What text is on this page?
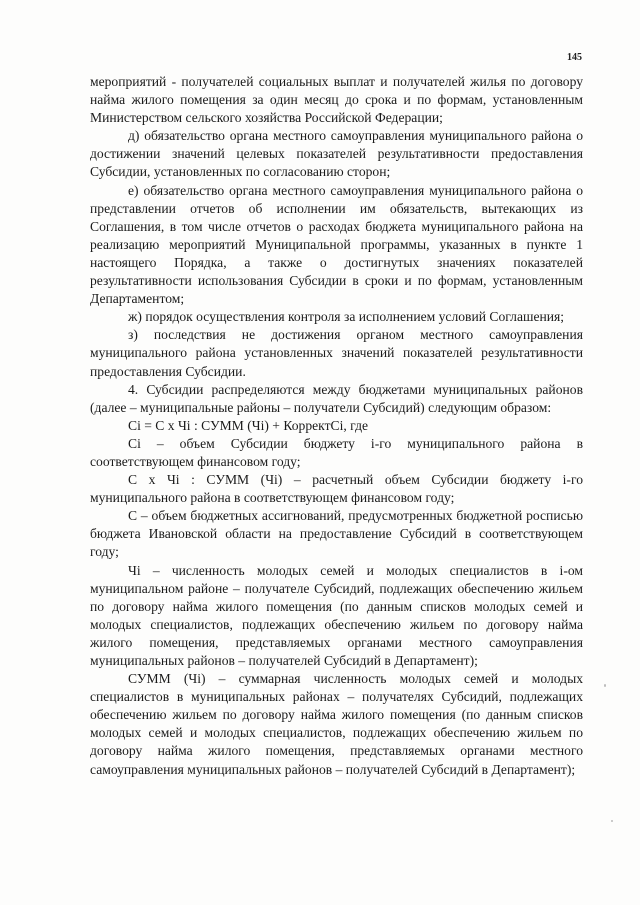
145

мероприятий - получателей социальных выплат и получателей жилья по договору найма жилого помещения за один месяц до срока и по формам, установленным Министерством сельского хозяйства Российской Федерации;

д) обязательство органа местного самоуправления муниципального района о достижении значений целевых показателей результативности предоставления Субсидии, установленных по согласованию сторон;

е) обязательство органа местного самоуправления муниципального района о представлении отчетов об исполнении им обязательств, вытекающих из Соглашения, в том числе отчетов о расходах бюджета муниципального района на реализацию мероприятий Муниципальной программы, указанных в пункте 1 настоящего Порядка, а также о достигнутых значениях показателей результативности использования Субсидии в сроки и по формам, установленным Департаментом;

ж) порядок осуществления контроля за исполнением условий Соглашения;

з) последствия не достижения органом местного самоуправления муниципального района установленных значений показателей результативности предоставления Субсидии.

4. Субсидии распределяются между бюджетами муниципальных районов (далее – муниципальные районы – получатели Субсидий) следующим образом:

Ci = C х Чi : СУММ (Чi) + КорректCi, где

Ci – объем Субсидии бюджету i-го муниципального района в соответствующем финансовом году;

C х Чi : СУММ (Чi) – расчетный объем Субсидии бюджету i-го муниципального района в соответствующем финансовом году;

C – объем бюджетных ассигнований, предусмотренных бюджетной росписью бюджета Ивановской области на предоставление Субсидий в соответствующем году;

Чi – численность молодых семей и молодых специалистов в i-ом муниципальном районе – получателе Субсидий, подлежащих обеспечению жильем по договору найма жилого помещения (по данным списков молодых семей и молодых специалистов, подлежащих обеспечению жильем по договору найма жилого помещения, представляемых органами местного самоуправления муниципальных районов – получателей Субсидий в Департамент);

СУММ (Чi) – суммарная численность молодых семей и молодых специалистов в муниципальных районах – получателях Субсидий, подлежащих обеспечению жильем по договору найма жилого помещения (по данным списков молодых семей и молодых специалистов, подлежащих обеспечению жильем по договору найма жилого помещения, представляемых органами местного самоуправления муниципальных районов – получателей Субсидий в Департамент);
